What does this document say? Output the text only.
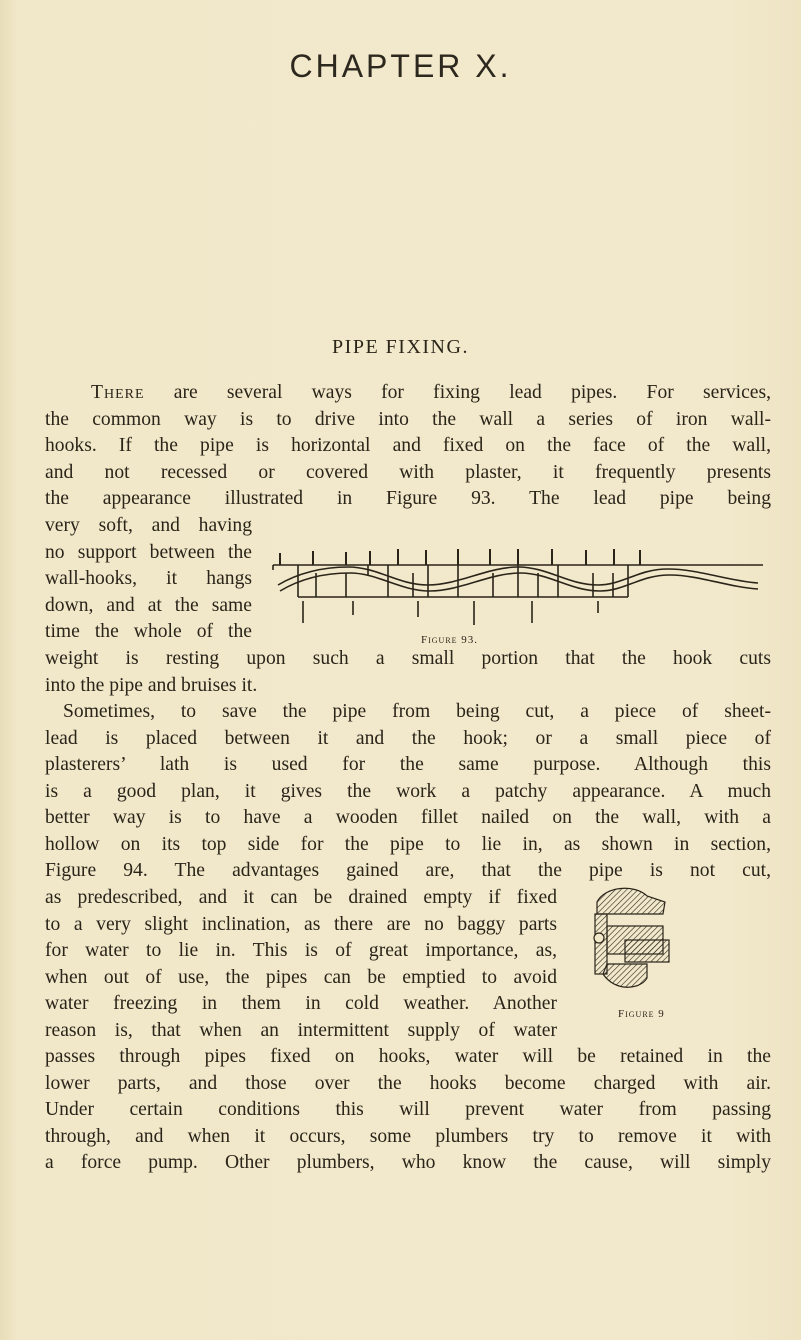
CHAPTER X.
PIPE FIXING.
There are several ways for fixing lead pipes. For services,
the common way is to drive into the wall a series of iron wall-
hooks. If the pipe is horizontal and fixed on the face of the wall,
and not recessed or covered with plaster, it frequently presents
the appearance illustrated in Figure 93. The lead pipe being
very soft, and having
no support between the
wall-hooks, it hangs
down, and at the same
time the whole of the	Figure 93.
weight is resting upon such a small portion that the hook cuts
into the pipe and bruises it.
Sometimes, to save the pipe from being cut, a piece of sheet-
lead is placed between it and the hook; or a small piece of
plasterers’ lath is used for the same purpose. Although this
is a good plan, it gives the work a patchy appearance. A much
better way is to have a wooden fillet nailed on the wall, with a
hollow on its top side for the pipe to lie in, as shown in section,
Figure 94. The advantages gained are, that the pipe is not cut,
as predescribed, and it can be drained empty if fixed
to a very slight inclination, as there are no baggy parts
for water to lie in. This is of great importance, as,
when out of use, the pipes can be emptied to avoid
water freezing in them in cold weather. Another
reason is, that when an intermittent supply of water
Figure 9
passes through pipes fixed on hooks, water will be retained in the
lower parts, and those over the hooks become charged with air.
Under certain conditions this will prevent water from passing
through, and when it occurs, some plumbers try to remove it with
a force pump. Other plumbers, who know the cause, will simply
